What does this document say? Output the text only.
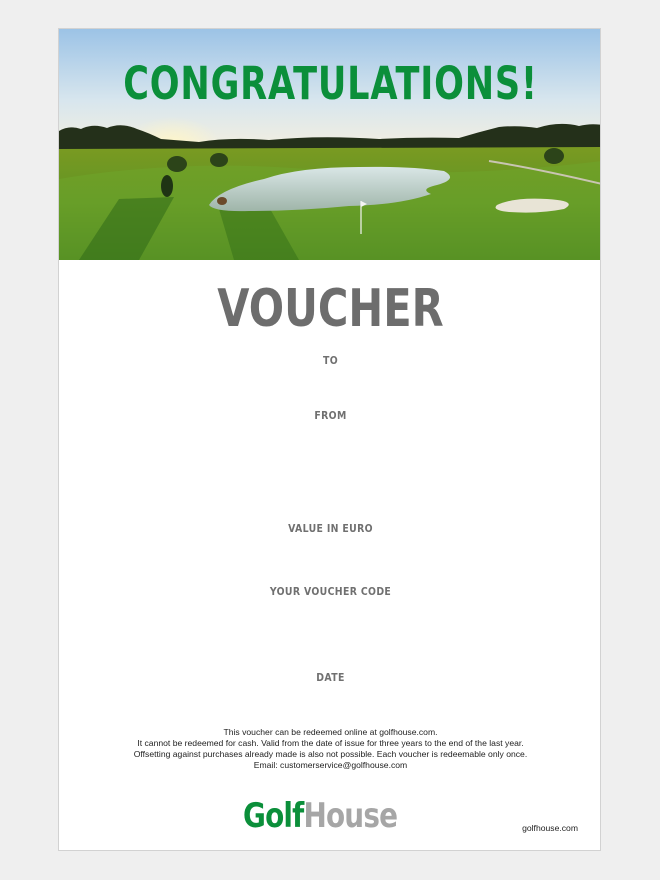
CONGRATULATIONS!
VOUCHER
TO
FROM
VALUE IN EURO
YOUR VOUCHER CODE
DATE
This voucher can be redeemed online at golfhouse.com.
It cannot be redeemed for cash. Valid from the date of issue for three years to the end of the last year.
Offsetting against purchases already made is also not possible. Each voucher is redeemable only once.
Email: customerservice@golfhouse.com
GolfHouse	golfhouse.com
